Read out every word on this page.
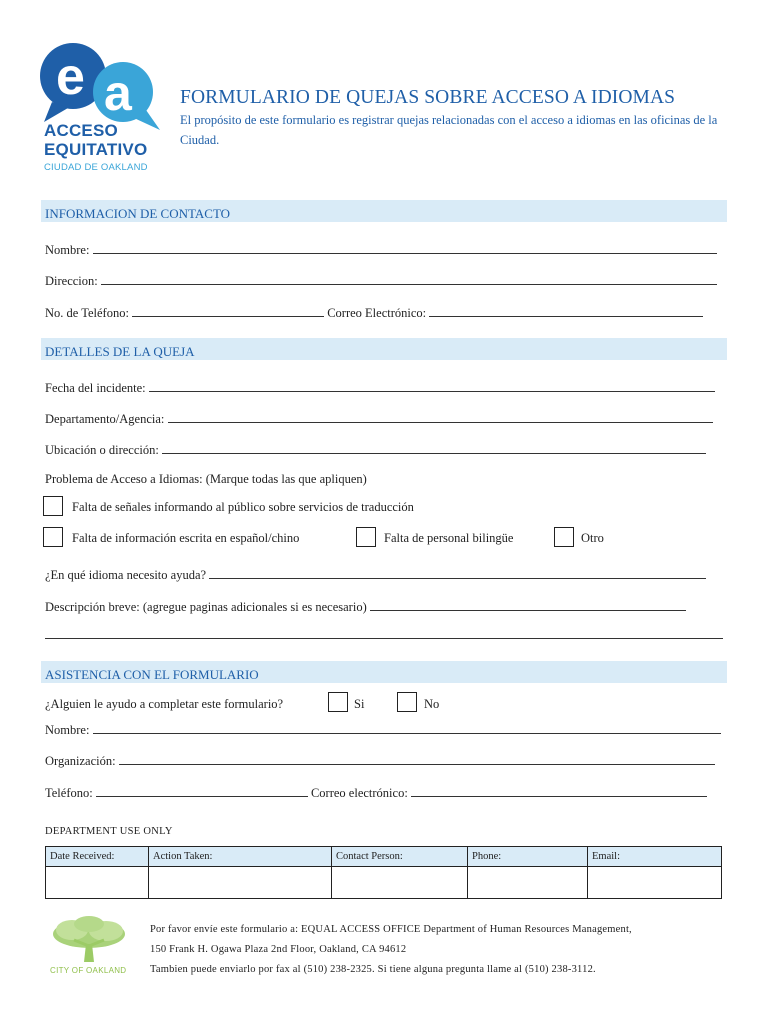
e a
ACCESO
EQUITATIVO
CIUDAD DE OAKLAND
FORMULARIO DE QUEJAS SOBRE ACCESO A IDIOMAS
El propósito de este formulario es registrar quejas relacionadas con el acceso a idiomas en las oficinas de la Ciudad.
INFORMACION DE CONTACTO
Nombre:
Direccion:
No. de Teléfono:	Correo Electrónico:
DETALLES DE LA QUEJA
Fecha del incidente:
Departamento/Agencia:
Ubicación o dirección:
Problema de Acceso a Idiomas: (Marque todas las que apliquen)
Falta de señales informando al público sobre servicios de traducción
Falta de información escrita en español/chino	Falta de personal bilingüe	Otro
¿En qué idioma necesito ayuda?
Descripción breve: (agregue paginas adicionales si es necesario)
ASISTENCIA CON EL FORMULARIO
¿Alguien le ayudo a completar este formulario?	Si	No
Nombre:
Organización:
Teléfono:	Correo electrónico:
DEPARTMENT USE ONLY
Date Received:	Action Taken:	Contact Person:	Phone:	Email:

CITY OF OAKLAND
Por favor envíe este formulario a: EQUAL ACCESS OFFICE Department of Human Resources Management,
150 Frank H. Ogawa Plaza 2nd Floor, Oakland, CA 94612
Tambien puede enviarlo por fax al (510) 238-2325. Si tiene alguna pregunta llame al (510) 238-3112.
